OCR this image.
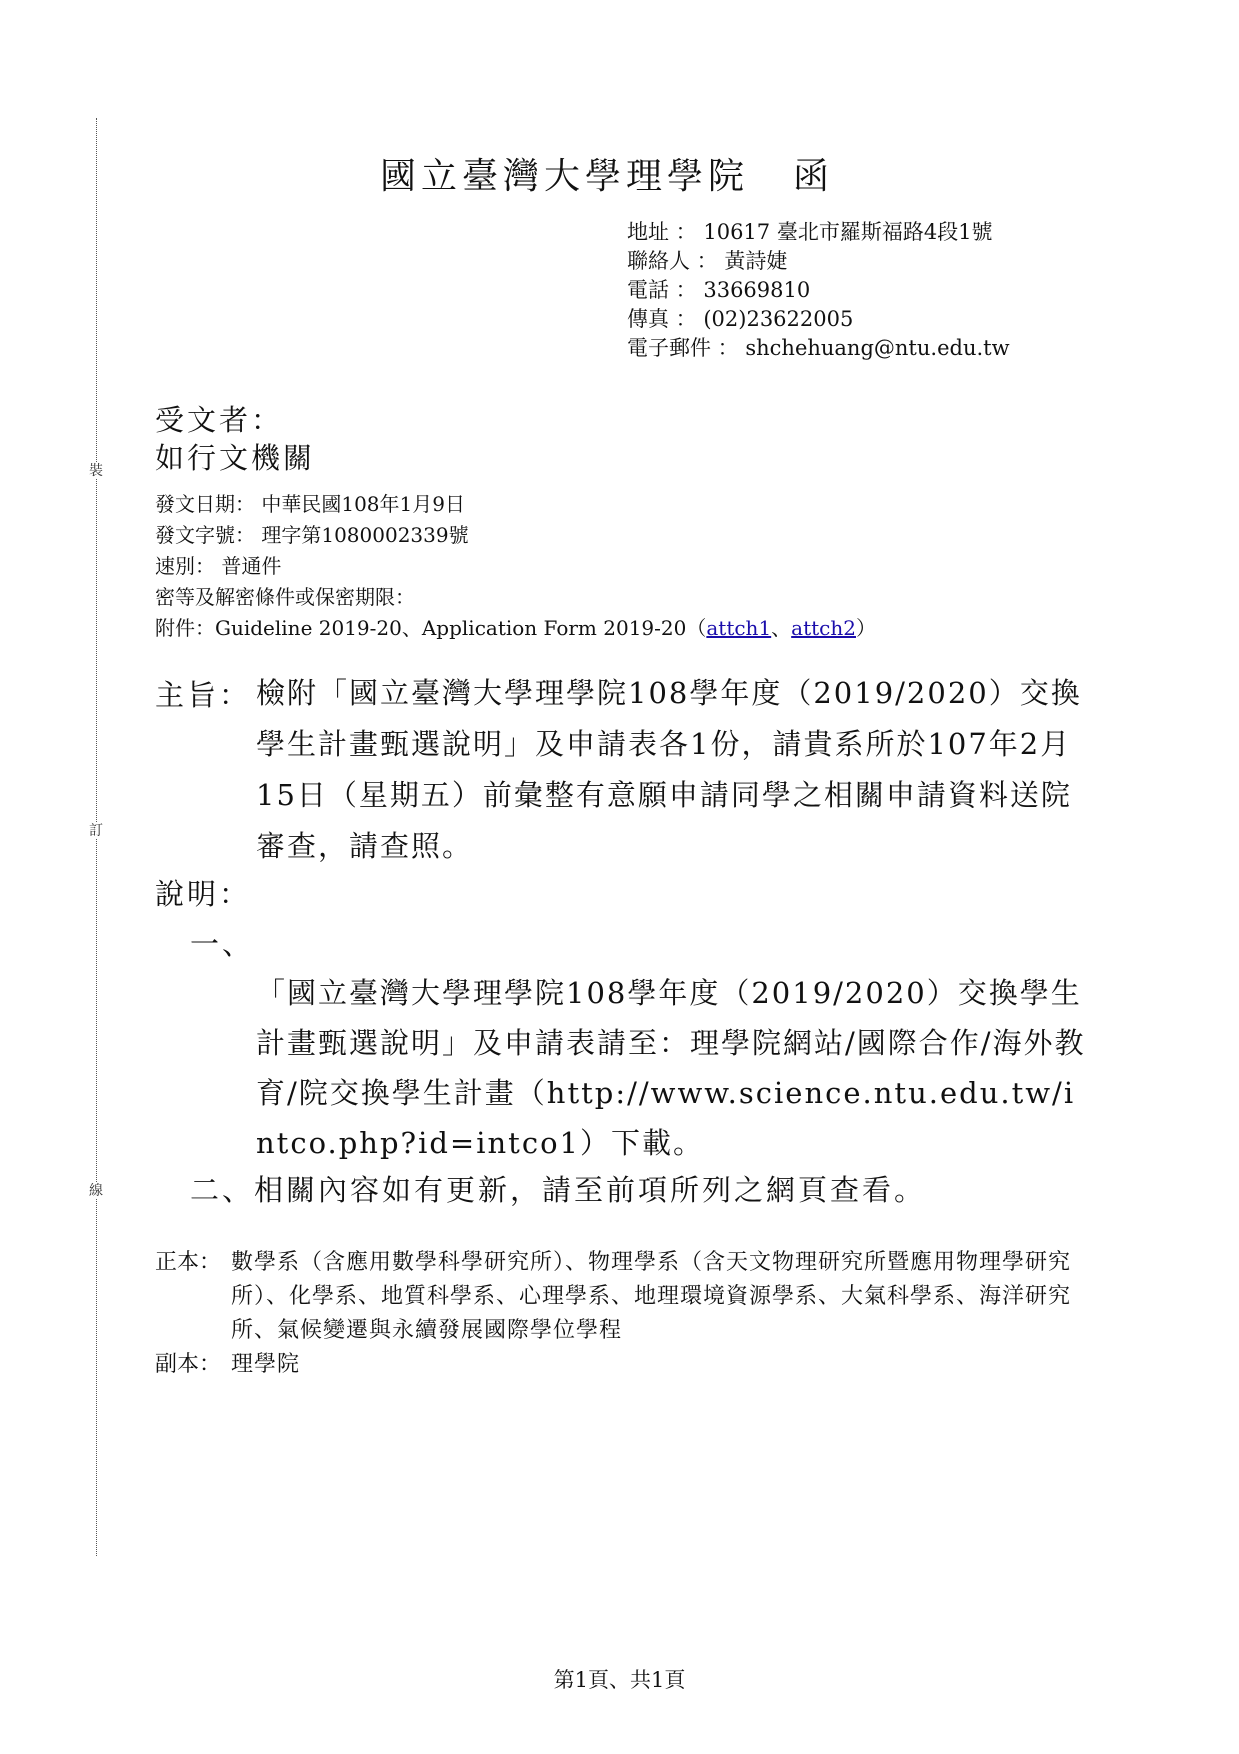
裝
訂
線
國立臺灣大學理學院 函
地址 ： 10617 臺北市羅斯福路4段1號
聯絡人 ： 黃詩婕
電話 ： 33669810
傳真 ： (02)23622005
電子郵件 ： shchehuang@ntu.edu.tw
受文者：
如行文機關
發文日期： 中華民國108年1月9日
發文字號： 理字第1080002339號
速別： 普通件
密等及解密條件或保密期限：
附件：Guideline 2019-20、Application Form 2019-20（attch1、attch2）
主旨： 檢附「國立臺灣大學理學院108學年度（2019/2020）交換學生計畫甄選說明」及申請表各1份，請貴系所於107年2月15日（星期五）前彙整有意願申請同學之相關申請資料送院審查，請查照。
說明：
一、
「國立臺灣大學理學院108學年度（2019/2020）交換學生計畫甄選說明」及申請表請至：理學院網站/國際合作/海外教育/院交換學生計畫（http://www.science.ntu.edu.tw/intco.php?id=intco1）下載。
二、相關內容如有更新，請至前項所列之網頁查看。
正本： 數學系（含應用數學科學研究所）、物理學系（含天文物理研究所暨應用物理學研究所）、化學系、地質科學系、心理學系、地理環境資源學系、大氣科學系、海洋研究所、氣候變遷與永續發展國際學位學程
副本： 理學院
第1頁、共1頁
